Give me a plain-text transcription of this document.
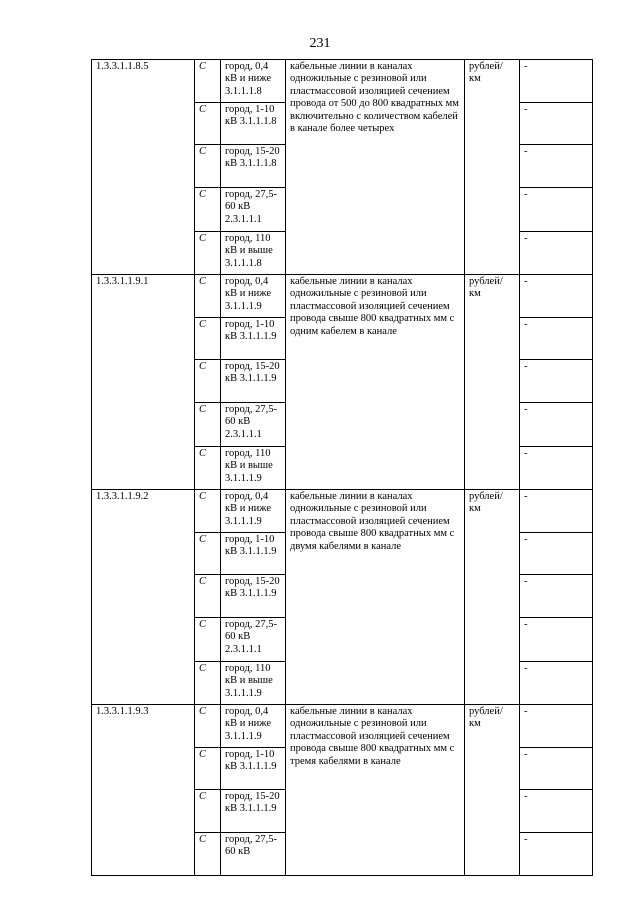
231
1.3.3.1.1.8.5	С	город, 0,4 кВ и ниже 3.1.1.1.8	кабельные линии в каналах одножильные с резиновой или пластмассовой изоляцией сечением провода от 500 до 800 квадратных мм включительно с количеством кабелей в канале более четырех	рублей/ км	-
	С	город, 1-10 кВ 3.1.1.1.8			-
	С	город, 15-20 кВ 3.1.1.1.8			-
	С	город, 27,5-60 кВ 2.3.1.1.1			-
	С	город, 110 кВ и выше 3.1.1.1.8			-
1.3.3.1.1.9.1	С	город, 0,4 кВ и ниже 3.1.1.1.9	кабельные линии в каналах одножильные с резиновой или пластмассовой изоляцией сечением провода свыше 800 квадратных мм с одним кабелем в канале	рублей/ км	-
	С	город, 1-10 кВ 3.1.1.1.9			-
	С	город, 15-20 кВ 3.1.1.1.9			-
	С	город, 27,5-60 кВ 2.3.1.1.1			-
	С	город, 110 кВ и выше 3.1.1.1.9			-
1.3.3.1.1.9.2	С	город, 0,4 кВ и ниже 3.1.1.1.9	кабельные линии в каналах одножильные с резиновой или пластмассовой изоляцией сечением провода свыше 800 квадратных мм с двумя кабелями в канале	рублей/ км	-
	С	город, 1-10 кВ 3.1.1.1.9			-
	С	город, 15-20 кВ 3.1.1.1.9			-
	С	город, 27,5-60 кВ 2.3.1.1.1			-
	С	город, 110 кВ и выше 3.1.1.1.9			-
1.3.3.1.1.9.3	С	город, 0,4 кВ и ниже 3.1.1.1.9	кабельные линии в каналах одножильные с резиновой или пластмассовой изоляцией сечением провода свыше 800 квадратных мм с тремя кабелями в канале	рублей/ км	-
	С	город, 1-10 кВ 3.1.1.1.9			-
	С	город, 15-20 кВ 3.1.1.1.9			-
	С	город, 27,5-60 кВ			-
